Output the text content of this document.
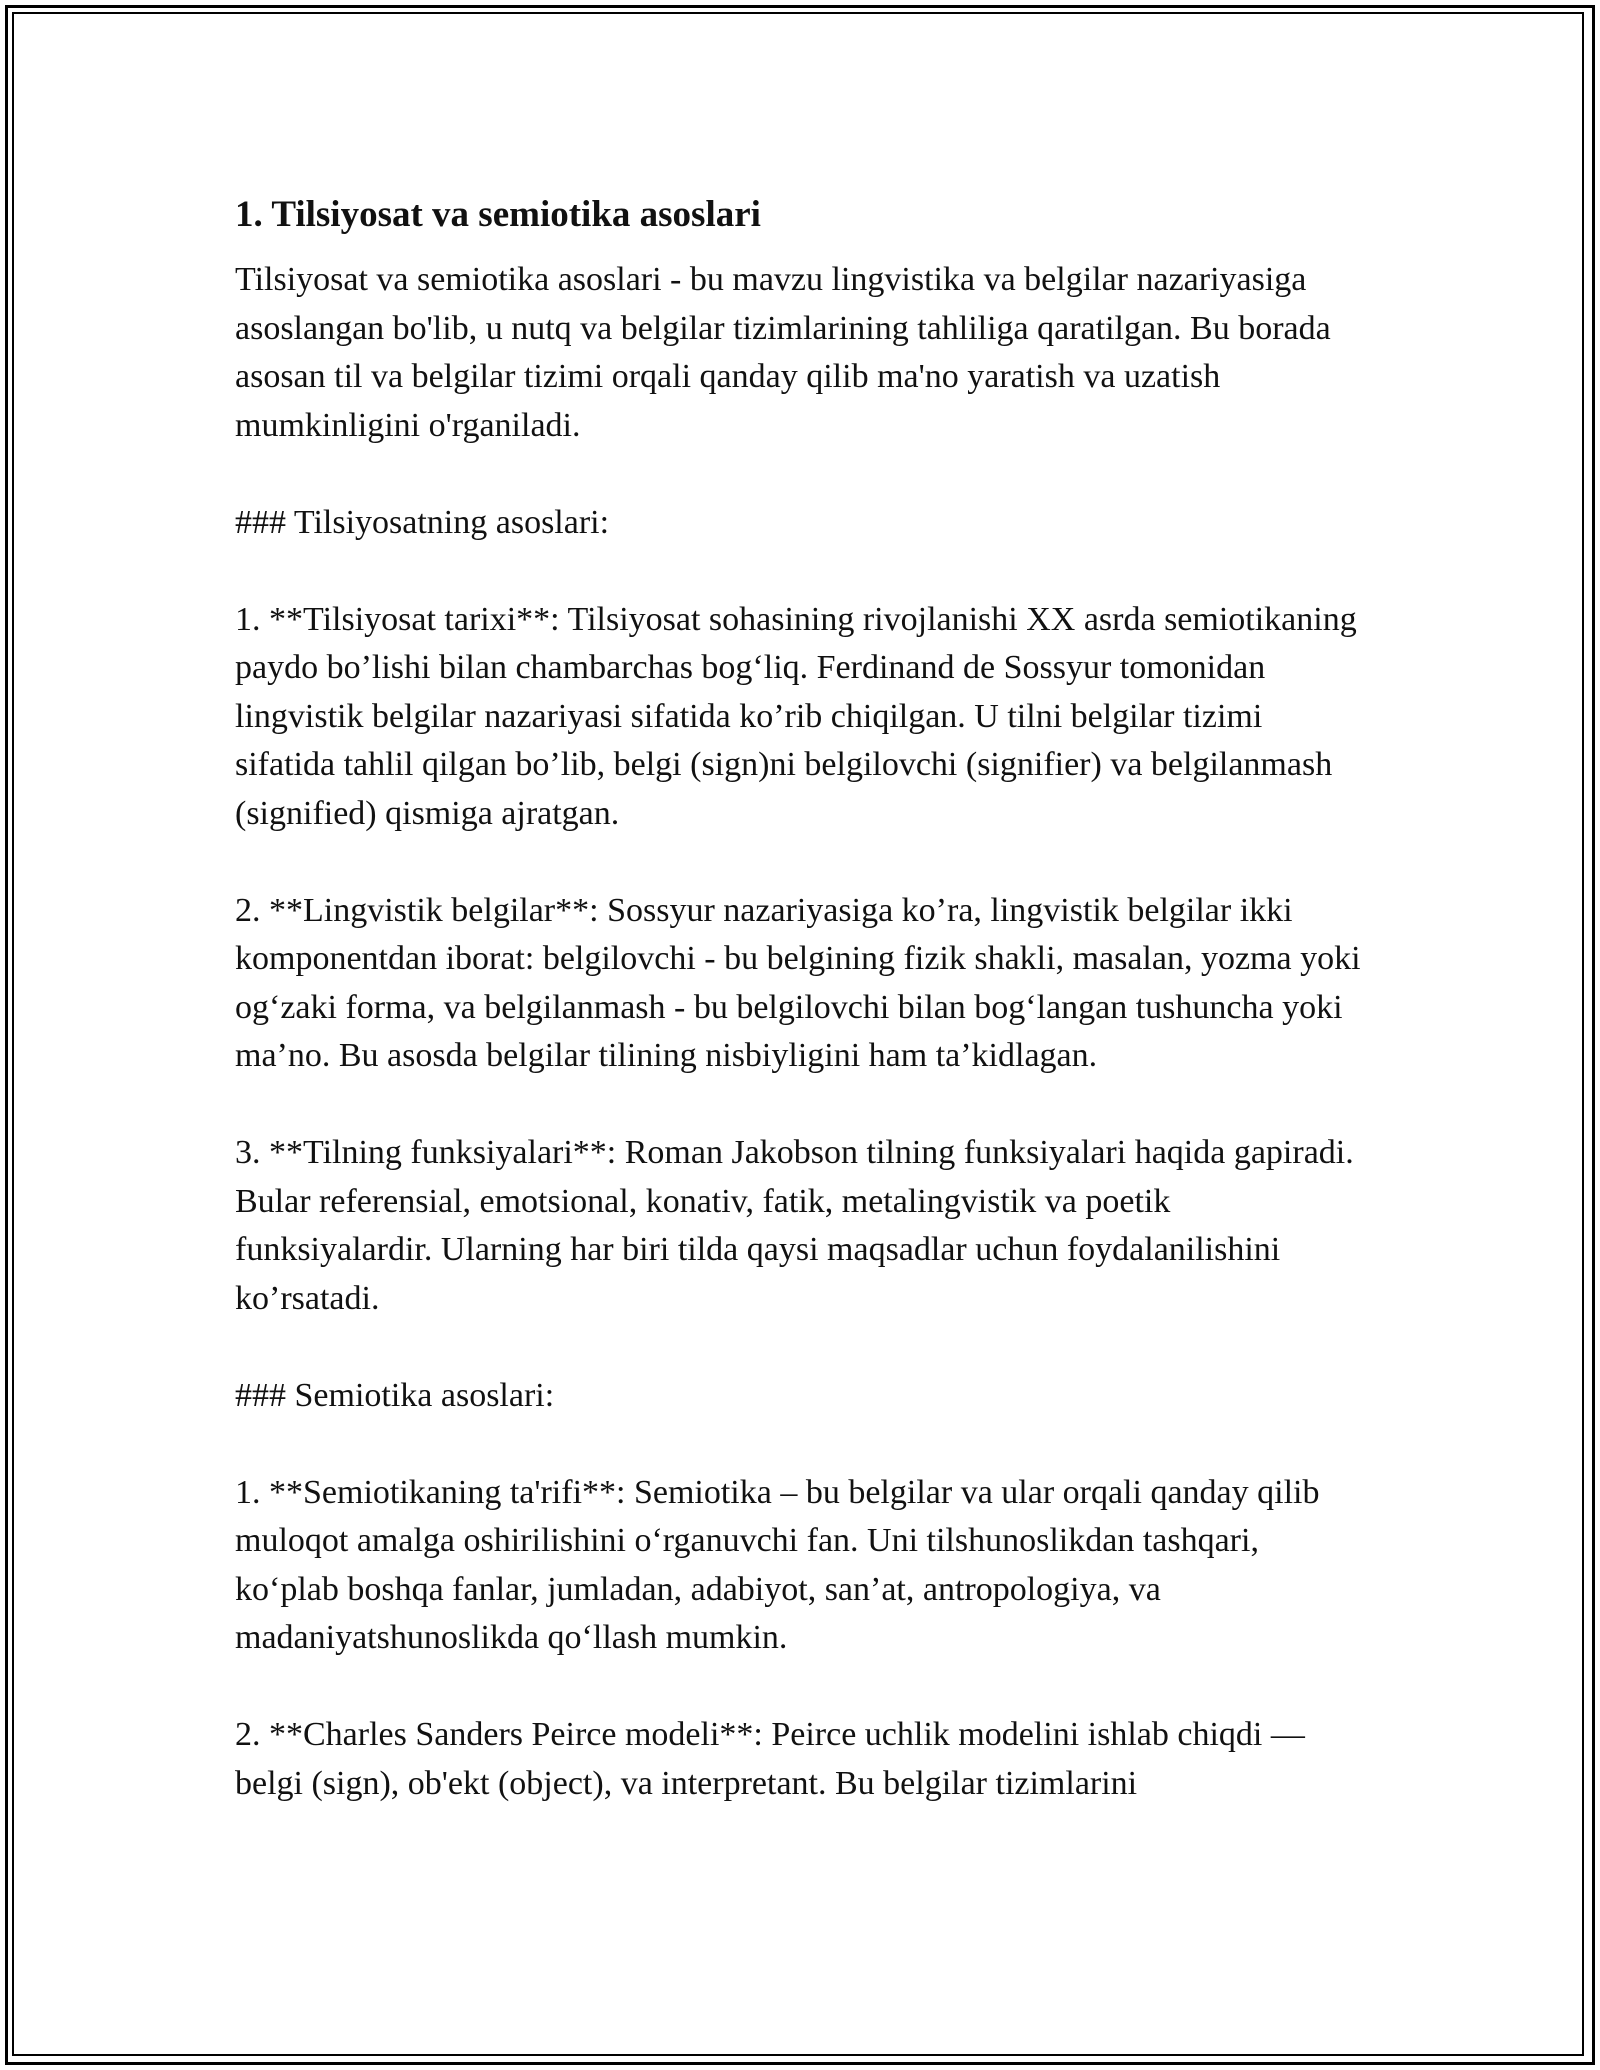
1. Tilsiyosat va semiotika asoslari

Tilsiyosat va semiotika asoslari - bu mavzu lingvistika va belgilar nazariyasiga asoslangan bo'lib, u nutq va belgilar tizimlarining tahliliga qaratilgan. Bu borada asosan til va belgilar tizimi orqali qanday qilib ma'no yaratish va uzatish mumkinligini o'rganiladi.

### Tilsiyosatning asoslari:

1. **Tilsiyosat tarixi**: Tilsiyosat sohasining rivojlanishi XX asrda semiotikaning paydo bo’lishi bilan chambarchas bog‘liq. Ferdinand de Sossyur tomonidan lingvistik belgilar nazariyasi sifatida ko’rib chiqilgan. U tilni belgilar tizimi sifatida tahlil qilgan bo’lib, belgi (sign)ni belgilovchi (signifier) va belgilanmash (signified) qismiga ajratgan.

2. **Lingvistik belgilar**: Sossyur nazariyasiga ko’ra, lingvistik belgilar ikki komponentdan iborat: belgilovchi - bu belgining fizik shakli, masalan, yozma yoki og‘zaki forma, va belgilanmash - bu belgilovchi bilan bog‘langan tushuncha yoki ma’no. Bu asosda belgilar tilining nisbiyligini ham ta’kidlagan.

3. **Tilning funksiyalari**: Roman Jakobson tilning funksiyalari haqida gapiradi. Bular referensial, emotsional, konativ, fatik, metalingvistik va poetik funksiyalardir. Ularning har biri tilda qaysi maqsadlar uchun foydalanilishini ko’rsatadi.

### Semiotika asoslari:

1. **Semiotikaning ta'rifi**: Semiotika – bu belgilar va ular orqali qanday qilib muloqot amalga oshirilishini o‘rganuvchi fan. Uni tilshunoslikdan tashqari, ko‘plab boshqa fanlar, jumladan, adabiyot, san’at, antropologiya, va madaniyatshunoslikda qo‘llash mumkin.

2. **Charles Sanders Peirce modeli**: Peirce uchlik modelini ishlab chiqdi — belgi (sign), ob'ekt (object), va interpretant. Bu belgilar tizimlarini
